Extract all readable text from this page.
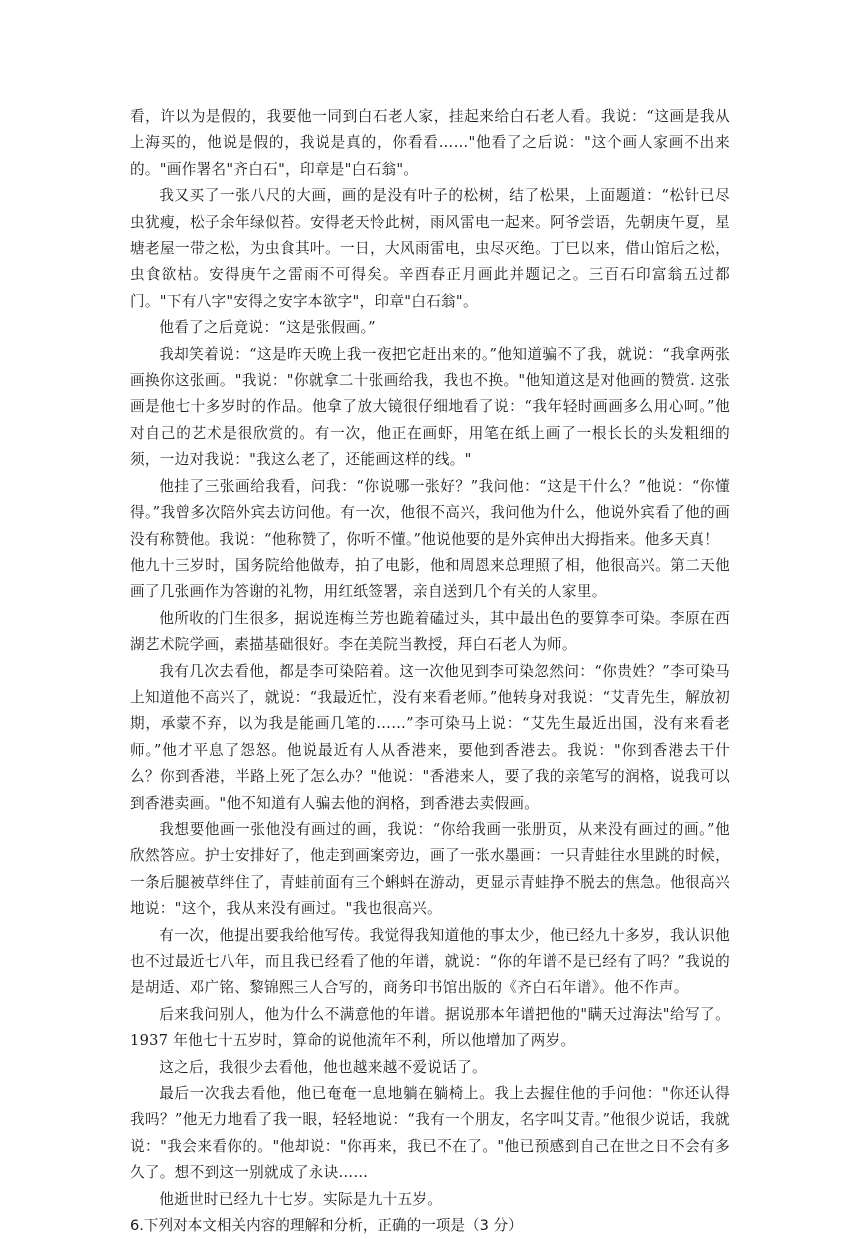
看，许以为是假的，我要他一同到白石老人家，挂起来给白石老人看。我说：“这画是我从上海买的，他说是假的，我说是真的，你看看……"他看了之后说："这个画人家画不出来的。"画作署名"齐白石"，印章是"白石翁"。

我又买了一张八尺的大画，画的是没有叶子的松树，结了松果，上面题道：“松针已尽虫犹瘦，松子余年绿似苔。安得老天怜此树，雨风雷电一起来。阿爷尝语，先朝庚午夏，星塘老屋一带之松，为虫食其叶。一日，大风雨雷电，虫尽灭绝。丁巳以来，借山馆后之松，虫食欲枯。安得庚午之雷雨不可得矣。辛酉春正月画此并题记之。三百石印富翁五过都门。"下有八字"安得之安字本欲字"，印章"白石翁"。

他看了之后竟说：“这是张假画。”

我却笑着说：“这是昨天晚上我一夜把它赶出来的。”他知道骗不了我，就说：“我拿两张画换你这张画。"我说："你就拿二十张画给我，我也不换。"他知道这是对他画的赞赏. 这张画是他七十多岁时的作品。他拿了放大镜很仔细地看了说：“我年轻时画画多么用心呵。”他对自己的艺术是很欣赏的。有一次，他正在画虾，用笔在纸上画了一根长长的头发粗细的须，一边对我说："我这么老了，还能画这样的线。"

他挂了三张画给我看，问我：“你说哪一张好？”我问他：“这是干什么？”他说：“你懂得。”我曾多次陪外宾去访问他。有一次，他很不高兴，我问他为什么，他说外宾看了他的画没有称赞他。我说：“他称赞了，你听不懂。”他说他要的是外宾伸出大拇指来。他多天真！

他九十三岁时，国务院给他做寿，拍了电影，他和周恩来总理照了相，他很高兴。第二天他画了几张画作为答谢的礼物，用红纸签署，亲自送到几个有关的人家里。

他所收的门生很多，据说连梅兰芳也跪着磕过头，其中最出色的要算李可染。李原在西湖艺术院学画，素描基础很好。李在美院当教授，拜白石老人为师。

我有几次去看他，都是李可染陪着。这一次他见到李可染忽然问：“你贵姓？”李可染马上知道他不高兴了，就说：“我最近忙，没有来看老师。”他转身对我说：“艾青先生，解放初期，承蒙不弃，以为我是能画几笔的……”李可染马上说：“艾先生最近出国，没有来看老师。”他才平息了怨怒。他说最近有人从香港来，要他到香港去。我说："你到香港去干什么？你到香港，半路上死了怎么办？"他说："香港来人，要了我的亲笔写的润格，说我可以到香港卖画。"他不知道有人骗去他的润格，到香港去卖假画。

我想要他画一张他没有画过的画，我说：“你给我画一张册页，从来没有画过的画。”他欣然答应。护士安排好了，他走到画案旁边，画了一张水墨画：一只青蛙往水里跳的时候，一条后腿被草绊住了，青蛙前面有三个蝌蚪在游动，更显示青蛙挣不脱去的焦急。他很高兴地说："这个，我从来没有画过。"我也很高兴。

有一次，他提出要我给他写传。我觉得我知道他的事太少，他已经九十多岁，我认识他也不过最近七八年，而且我已经看了他的年谱，就说：“你的年谱不是已经有了吗？”我说的是胡适、邓广铭、黎锦熙三人合写的，商务印书馆出版的《齐白石年谱》。他不作声。

后来我问别人，他为什么不满意他的年谱。据说那本年谱把他的"瞒天过海法"给写了。1937 年他七十五岁时，算命的说他流年不利，所以他增加了两岁。

这之后，我很少去看他，他也越来越不爱说话了。

最后一次我去看他，他已奄奄一息地躺在躺椅上。我上去握住他的手问他："你还认得我吗？”他无力地看了我一眼，轻轻地说：“我有一个朋友，名字叫艾青。”他很少说话，我就说："我会来看你的。"他却说："你再来，我已不在了。"他已预感到自己在世之日不会有多久了。想不到这一别就成了永诀……

他逝世时已经九十七岁。实际是九十五岁。

6.下列对本文相关内容的理解和分析，正确的一项是（3 分）
